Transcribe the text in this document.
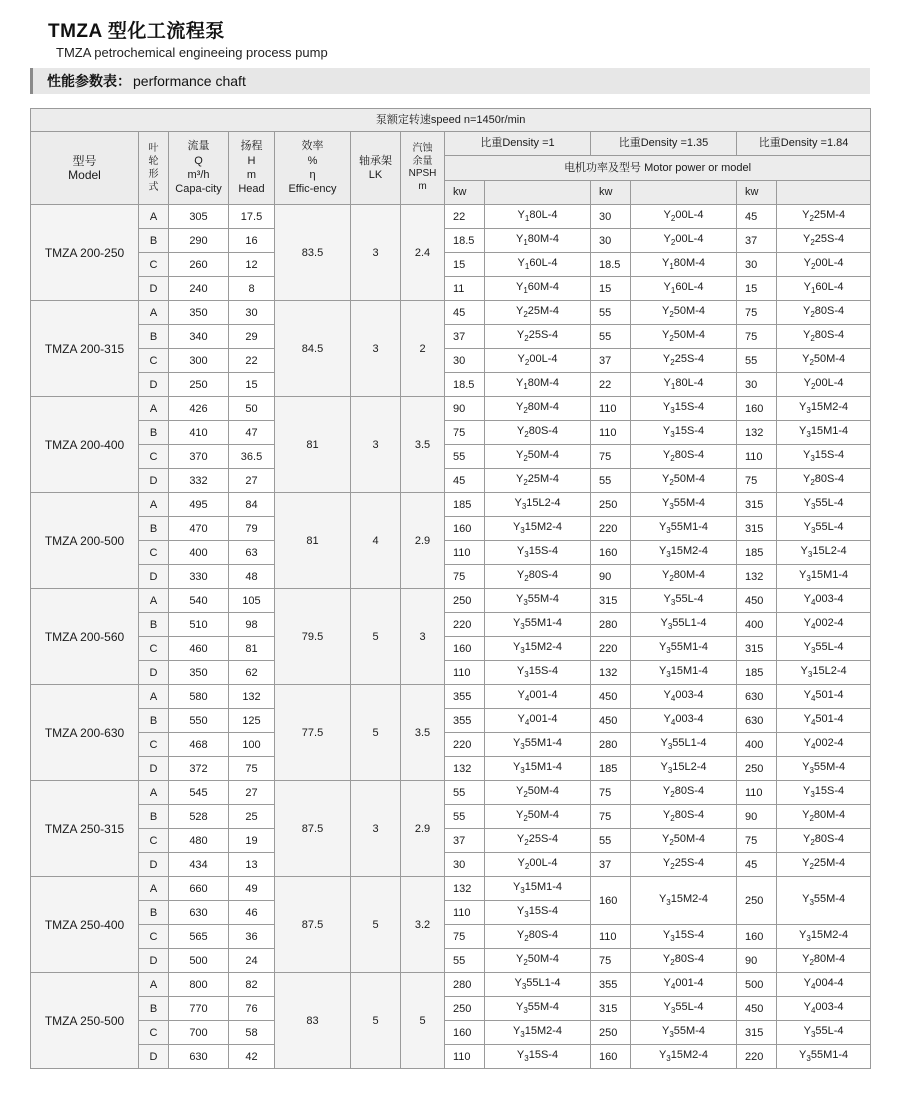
TMZA 型化工流程泵
TMZA petrochemical engineeing process pump
性能参数表： performance chaft
泵额定转速speed n=1450r/min												

型号
Model

叶
轮
形
式
	流量
Q
m³/h
Capa-city	扬程
H
m
Head	效率
%
η
Effic-ency	轴承架
LK	汽蚀
余量
NPSH
m	比重Density =1	比重Density =1.35	比重Density =1.84
							电机功率及型号 Motor power or model					
							kw		kw		kw	
TMZA 200-250	A	305	17.5	83.5	3	2.4	22	$Y_180L-4$	30	$Y_200L-4$	45	$Y_225M-4$
	B	290	16				18.5	$Y_180M-4$	30	$Y_200L-4$	37	$Y_225S-4$
	C	260	12				15	$Y_160L-4$	18.5	$Y_180M-4$	30	$Y_200L-4$
	D	240	8				11	$Y_160M-4$	15	$Y_160L-4$	15	$Y_160L-4$
TMZA 200-315	A	350	30	84.5	3	2	45	$Y_225M-4$	55	$Y_250M-4$	75	$Y_280S-4$
	B	340	29				37	$Y_225S-4$	55	$Y_250M-4$	75	$Y_280S-4$
	C	300	22				30	$Y_200L-4$	37	$Y_225S-4$	55	$Y_250M-4$
	D	250	15				18.5	$Y_180M-4$	22	$Y_180L-4$	30	$Y_200L-4$
TMZA 200-400	A	426	50	81	3	3.5	90	$Y_280M-4$	110	$Y_315S-4$	160	$Y_315M2-4$
	B	410	47				75	$Y_280S-4$	110	$Y_315S-4$	132	$Y_315M1-4$
	C	370	36.5				55	$Y_250M-4$	75	$Y_280S-4$	110	$Y_315S-4$
	D	332	27				45	$Y_225M-4$	55	$Y_250M-4$	75	$Y_280S-4$
TMZA 200-500	A	495	84	81	4	2.9	185	$Y_315L2-4$	250	$Y_355M-4$	315	$Y_355L-4$
	B	470	79				160	$Y_315M2-4$	220	$Y_355M1-4$	315	$Y_355L-4$
	C	400	63				110	$Y_315S-4$	160	$Y_315M2-4$	185	$Y_315L2-4$
	D	330	48				75	$Y_280S-4$	90	$Y_280M-4$	132	$Y_315M1-4$
TMZA 200-560	A	540	105	79.5	5	3	250	$Y_355M-4$	315	$Y_355L-4$	450	$Y_4003-4$
	B	510	98				220	$Y_355M1-4$	280	$Y_355L1-4$	400	$Y_4002-4$
	C	460	81				160	$Y_315M2-4$	220	$Y_355M1-4$	315	$Y_355L-4$
	D	350	62				110	$Y_315S-4$	132	$Y_315M1-4$	185	$Y_315L2-4$
TMZA 200-630	A	580	132	77.5	5	3.5	355	$Y_4001-4$	450	$Y_4003-4$	630	$Y_4501-4$
	B	550	125				355	$Y_4001-4$	450	$Y_4003-4$	630	$Y_4501-4$
	C	468	100				220	$Y_355M1-4$	280	$Y_355L1-4$	400	$Y_4002-4$
	D	372	75				132	$Y_315M1-4$	185	$Y_315L2-4$	250	$Y_355M-4$
TMZA 250-315	A	545	27	87.5	3	2.9	55	$Y_250M-4$	75	$Y_280S-4$	110	$Y_315S-4$
	B	528	25				55	$Y_250M-4$	75	$Y_280S-4$	90	$Y_280M-4$
	C	480	19				37	$Y_225S-4$	55	$Y_250M-4$	75	$Y_280S-4$
	D	434	13				30	$Y_200L-4$	37	$Y_225S-4$	45	$Y_225M-4$
TMZA 250-400	A	660	49	87.5	5	3.2	132	$Y_315M1-4$	160	$Y_315M2-4$	250	$Y_355M-4$
	B	630	46				110	$Y_315S-4$				
	C	565	36				75	$Y_280S-4$	110	$Y_315S-4$	160	$Y_315M2-4$
	D	500	24				55	$Y_250M-4$	75	$Y_280S-4$	90	$Y_280M-4$
TMZA 250-500	A	800	82	83	5	5	280	$Y_355L1-4$	355	$Y_4001-4$	500	$Y_4004-4$
	B	770	76				250	$Y_355M-4$	315	$Y_355L-4$	450	$Y_4003-4$
	C	700	58				160	$Y_315M2-4$	250	$Y_355M-4$	315	$Y_355L-4$
	D	630	42				110	$Y_315S-4$	160	$Y_315M2-4$	220	$Y_355M1-4$
